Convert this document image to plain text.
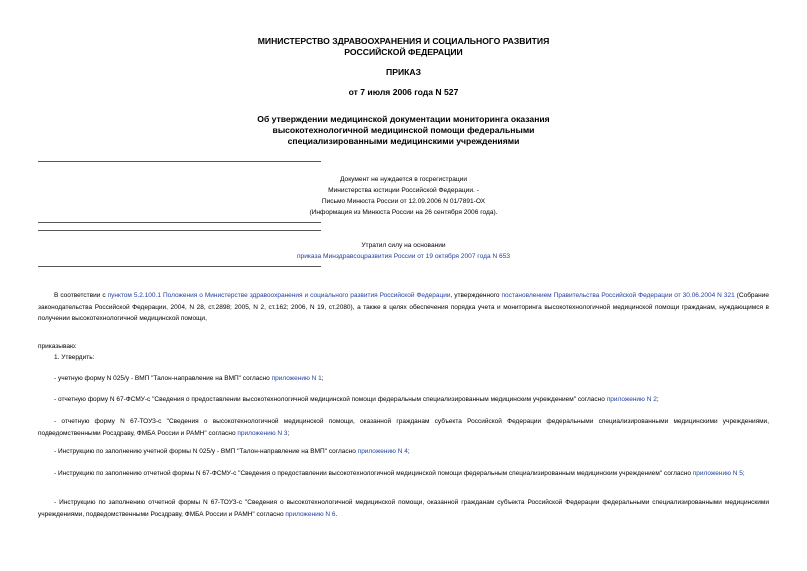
МИНИСТЕРСТВО ЗДРАВООХРАНЕНИЯ И СОЦИАЛЬНОГО РАЗВИТИЯ
РОССИЙСКОЙ ФЕДЕРАЦИИ
ПРИКАЗ
от 7 июля 2006 года N 527
Об утверждении медицинской документации мониторинга оказания
высокотехнологичной медицинской помощи федеральными
специализированными медицинскими учреждениями
Документ не нуждается в госрегистрации
Министерства юстиции Российской Федерации. -
Письмо Минюста России от 12.09.2006 N 01/7891-ОХ
(Информация из Минюста России на 26 сентября 2006 года).
Утратил силу на основании
приказа Минздравсоцразвития России от 19 октября 2007 года N 653
В соответствии с пунктом 5.2.100.1 Положения о Министерстве здравоохранения и социального развития Российской Федерации, утвержденного постановлением Правительства Российской Федерации от 30.06.2004 N 321 (Собрание законодательства Российской Федерации, 2004, N 28, ст.2898; 2005, N 2, ст.162; 2006, N 19, ст.2080), а также в целях обеспечения порядка учета и мониторинга высокотехнологичной медицинской помощи гражданам, нуждающимся в получении высокотехнологичной медицинской помощи,
приказываю:
1. Утвердить:
- учетную форму N 025/у - ВМП "Талон-направление на ВМП" согласно приложению N 1;
- отчетную форму N 67-ФСМУ-с "Сведения о предоставлении высокотехнологичной медицинской помощи федеральным специализированным медицинским учреждением" согласно приложению N 2;
- отчетную форму N 67-ТОУЗ-с "Сведения о высокотехнологичной медицинской помощи, оказанной гражданам субъекта Российской Федерации федеральными специализированными медицинскими учреждениями, подведомственными Росздраву, ФМБА России и РАМН" согласно приложению N 3;
- Инструкцию по заполнению учетной формы N 025/у - ВМП "Талон-направление на ВМП" согласно приложению N 4;
- Инструкцию по заполнению отчетной формы N 67-ФСМУ-с "Сведения о предоставлении высокотехнологичной медицинской помощи федеральным специализированным медицинским учреждением" согласно приложению N 5;
- Инструкцию по заполнению отчетной формы N 67-ТОУЗ-с "Сведения о высокотехнологичной медицинской помощи, оказанной гражданам субъекта Российской Федерации федеральными специализированными медицинскими учреждениями, подведомственными Росздраву, ФМБА России и РАМН" согласно приложению N 6.
